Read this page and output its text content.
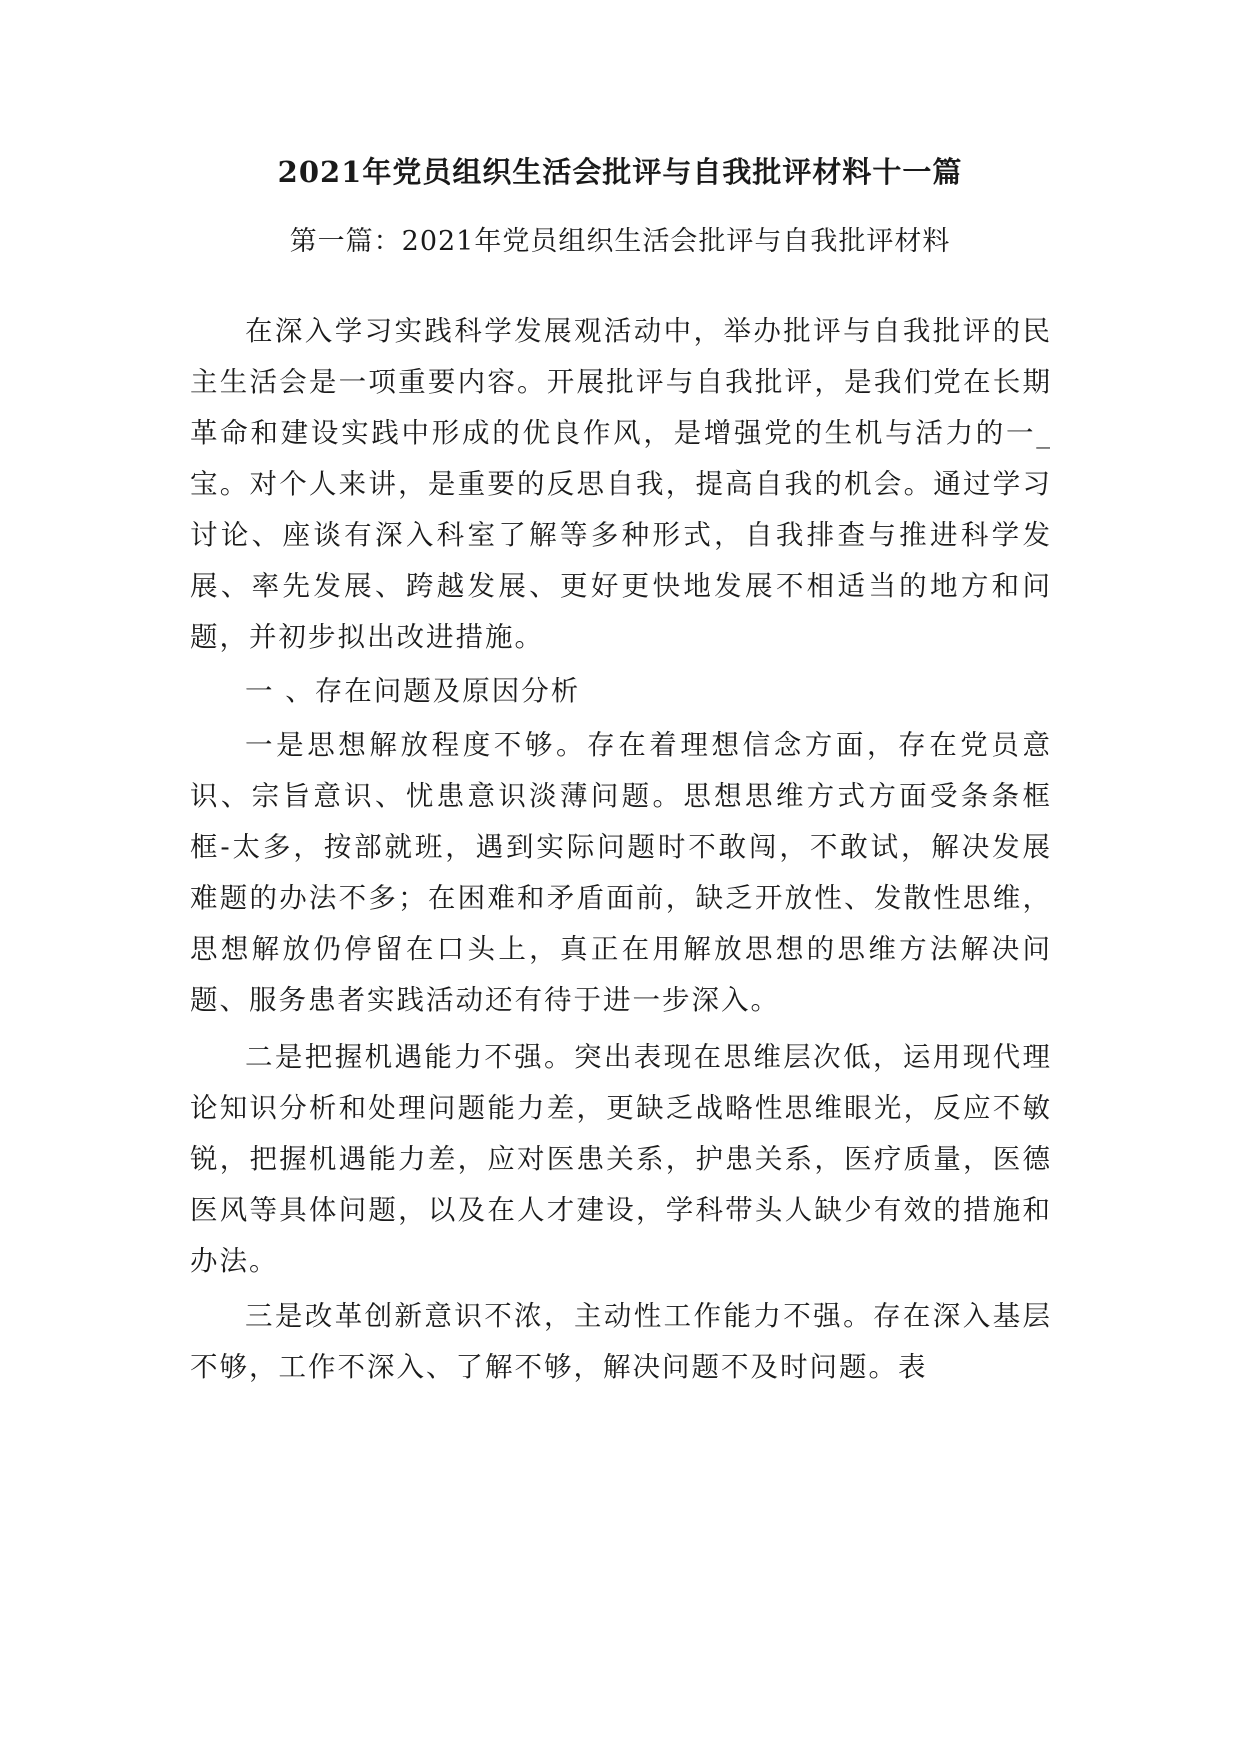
2021年党员组织生活会批评与自我批评材料十一篇
第一篇：2021年党员组织生活会批评与自我批评材料

在深入学习实践科学发展观活动中，举办批评与自我批评的民主生活会是一项重要内容。开展批评与自我批评，是我们党在长期革命和建设实践中形成的优良作风，是增强党的生机与活力的一_宝。对个人来讲，是重要的反思自我，提高自我的机会。通过学习讨论、座谈有深入科室了解等多种形式，自我排查与推进科学发展、率先发展、跨越发展、更好更快地发展不相适当的地方和问题，并初步拟出改进措施。

一 、存在问题及原因分析

一是思想解放程度不够。存在着理想信念方面，存在党员意识、宗旨意识、忧患意识淡薄问题。思想思维方式方面受条条框框-太多，按部就班，遇到实际问题时不敢闯，不敢试，解决发展难题的办法不多；在困难和矛盾面前，缺乏开放性、发散性思维，思想解放仍停留在口头上，真正在用解放思想的思维方法解决问题、服务患者实践活动还有待于进一步深入。

二是把握机遇能力不强。突出表现在思维层次低，运用现代理论知识分析和处理问题能力差，更缺乏战略性思维眼光，反应不敏锐，把握机遇能力差，应对医患关系，护患关系，医疗质量，医德医风等具体问题，以及在人才建设，学科带头人缺少有效的措施和办法。

三是改革创新意识不浓，主动性工作能力不强。存在深入基层不够，工作不深入、了解不够，解决问题不及时问题。表
